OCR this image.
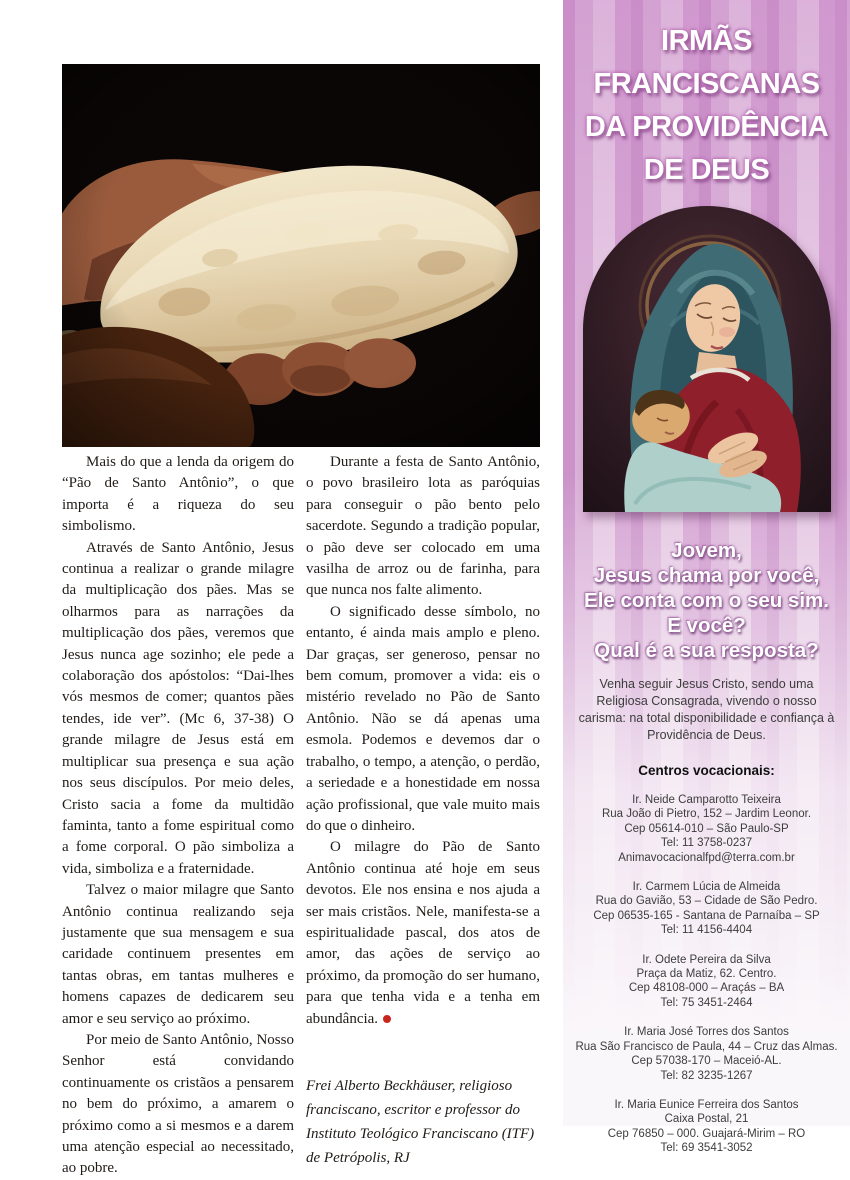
Mais do que a lenda da origem do “Pão de Santo Antônio”, o que importa é a riqueza do seu simbolismo.

Através de Santo Antônio, Jesus continua a realizar o grande milagre da multiplicação dos pães. Mas se olharmos para as narrações da multiplicação dos pães, veremos que Jesus nunca age sozinho; ele pede a colaboração dos apóstolos: “Dai-lhes vós mesmos de comer; quantos pães tendes, ide ver”. (Mc 6, 37-38) O grande milagre de Jesus está em multiplicar sua presença e sua ação nos seus discípulos. Por meio deles, Cristo sacia a fome da multidão faminta, tanto a fome espiritual como a fome corporal. O pão simboliza a vida, simboliza e a fraternidade.

Talvez o maior milagre que Santo Antônio continua realizando seja justamente que sua mensagem e sua caridade continuem presentes em tantas obras, em tantas mulheres e homens capazes de dedicarem seu amor e seu serviço ao próximo.

Por meio de Santo Antônio, Nosso Senhor está convidando continuamente os cristãos a pensarem no bem do próximo, a amarem o próximo como a si mesmos e a darem uma atenção especial ao necessitado, ao pobre.

Durante a festa de Santo Antônio, o povo brasileiro lota as paróquias para conseguir o pão bento pelo sacerdote. Segundo a tradição popular, o pão deve ser colocado em uma vasilha de arroz ou de farinha, para que nunca nos falte alimento.

O significado desse símbolo, no entanto, é ainda mais amplo e pleno. Dar graças, ser generoso, pensar no bem comum, promover a vida: eis o mistério revelado no Pão de Santo Antônio. Não se dá apenas uma esmola. Podemos e devemos dar o trabalho, o tempo, a atenção, o perdão, a seriedade e a honestidade em nossa ação profissional, que vale muito mais do que o dinheiro.

O milagre do Pão de Santo Antônio continua até hoje em seus devotos. Ele nos ensina e nos ajuda a ser mais cristãos. Nele, manifesta-se a espiritualidade pascal, dos atos de amor, das ações de serviço ao próximo, da promoção do ser humano, para que tenha vida e a tenha em abundância.

Frei Alberto Beckhäuser, religioso franciscano, escritor e professor do Instituto Teológico Franciscano (ITF) de Petrópolis, RJ

IRMÃS
FRANCISCANAS
DA PROVIDÊNCIA
DE DEUS
Jovem,
Jesus chama por você,
Ele conta com o seu sim.
E você?
Qual é a sua resposta?

Venha seguir Jesus Cristo, sendo uma Religiosa Consagrada, vivendo o nosso carisma: na total disponibilidade e confiança à Providência de Deus.

Centros vocacionais:
Ir. Neide Camparotto Teixeira
Rua João di Pietro, 152 – Jardim Leonor.
Cep 05614-010 – São Paulo-SP
Tel: 11 3758-0237
Animavocacionalfpd@terra.com.br
Ir. Carmem Lúcia de Almeida
Rua do Gavião, 53 – Cidade de São Pedro.
Cep 06535-165 - Santana de Parnaíba – SP
Tel: 11 4156-4404
Ir. Odete Pereira da Silva
Praça da Matiz, 62. Centro.
Cep 48108-000 – Araçás – BA
Tel: 75 3451-2464
Ir. Maria José Torres dos Santos
Rua São Francisco de Paula, 44 – Cruz das Almas.
Cep 57038-170 – Maceió-AL.
Tel: 82 3235-1267
Ir. Maria Eunice Ferreira dos Santos
Caixa Postal, 21
Cep 76850 – 000. Guajará-Mirim – RO
Tel: 69 3541-3052
